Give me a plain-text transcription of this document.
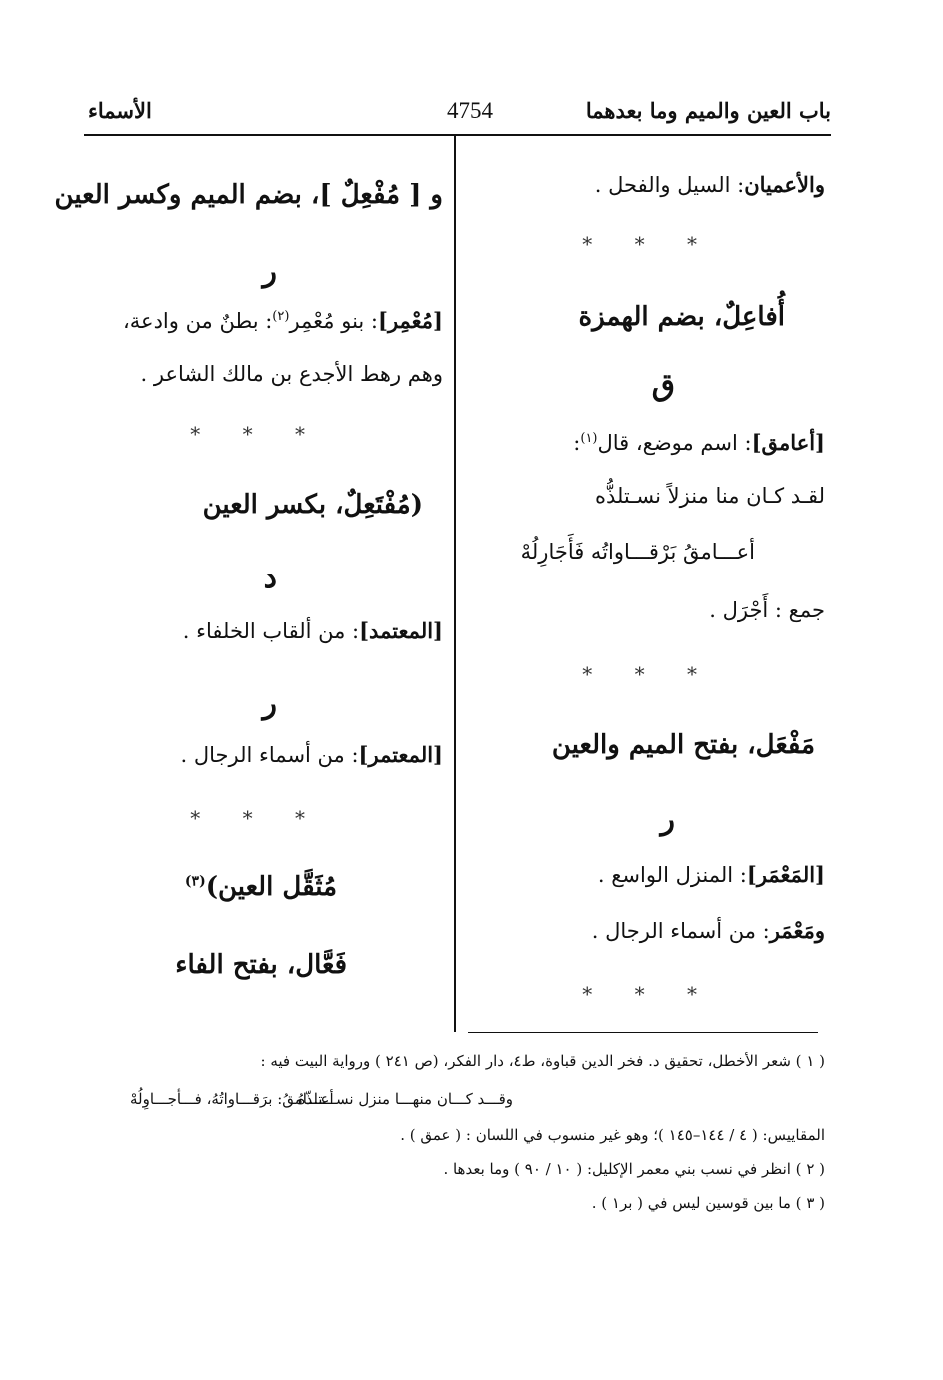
باب العين والميم وما بعدهما
4754
الأسماء
والأعميان: السيل والفحل .
* * *
أُفاعِلٌ، بضم الهمزة
ق
[أعامق]: اسم موضع، قال$^{(١)}$:
لقـد كـان منا منزلاً نسـتلذُّه
أعـــامقُ بَرْقـــاواتُه فَأَجَارِلُهْ
جمع : أَجْرَل .
* * *
مَفْعَل، بفتح الميم والعين
ر
[المَعْمَر]: المنزل الواسع .
ومَعْمَر: من أسماء الرجال .
* * *
و [ مُفْعِلٌ ]، بضم الميم وكسر العين
ر
[مُعْمِر]: بنو مُعْمِر$^{(٢)}$: بطنٌ من وادعة،
وهم رهط الأجدع بن مالك الشاعر .
* * *
(مُفْتَعِلٌ، بكسر العين
د
[المعتمد]: من ألقاب الخلفاء .
ر
[المعتمر]: من أسماء الرجال .
* * *
مُثَقَّل العين)$^{(٣)}$
فَعَّال، بفتح الفاء
( ١ ) شعر الأخطل، تحقيق د. فخر الدين قباوة، ط٤، دار الفكر، (ص ٢٤١ ) ورواية البيت فيه :
وقـــد كـــان منهـــا منزل نســـتلذّهُ
أعـــامقُ: برَقـــاواتُهُ، فـــأجـــاوِلُهْ
المقاييس: ( ٤ / ١٤٤–١٤٥ )؛ وهو غير منسوب في اللسان : ( عمق ) .
( ٢ ) انظر في نسب بني معمر الإكليل: ( ١٠ / ٩٠ ) وما بعدها .
( ٣ ) ما بين قوسين ليس في ( بر١ ) .
